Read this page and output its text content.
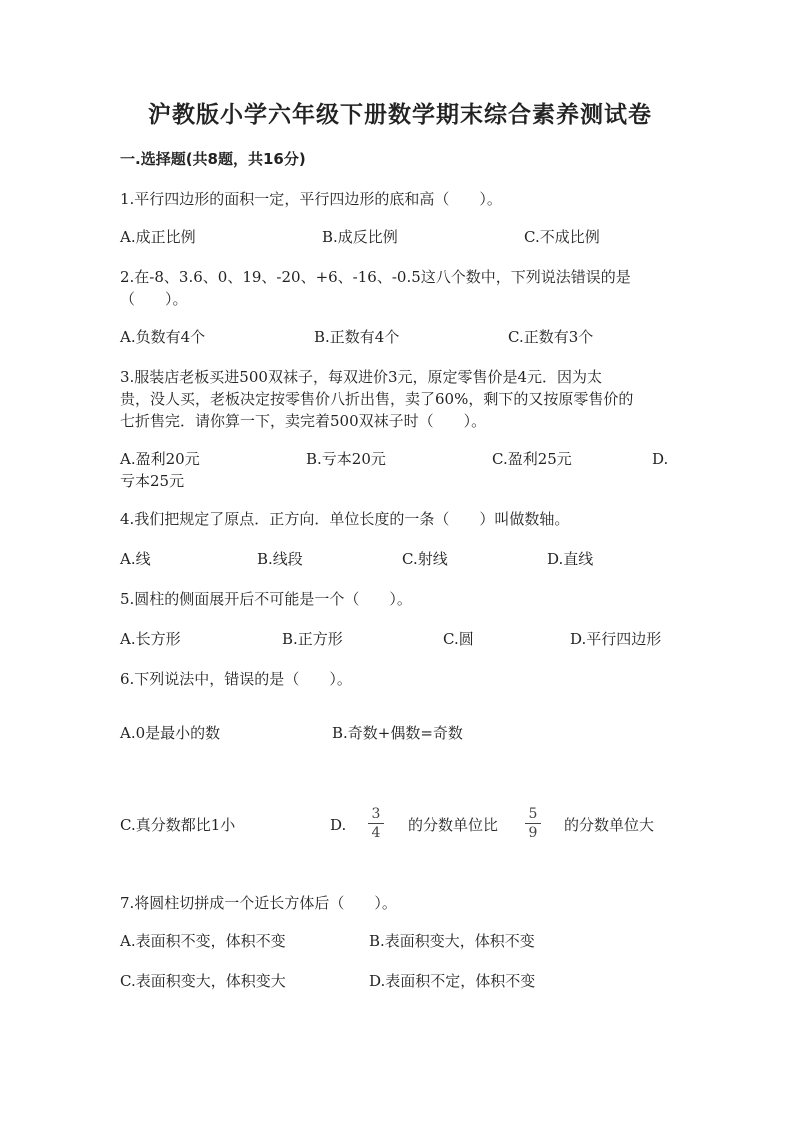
沪教版小学六年级下册数学期末综合素养测试卷
一.选择题(共8题，共16分)
1.平行四边形的面积一定，平行四边形的底和高（　　）。
A.成正比例	B.成反比例	C.不成比例
2.在-8、3.6、0、19、-20、+6、-16、-0.5这八个数中，下列说法错误的是
（　　）。
A.负数有4个	B.正数有4个	C.正数有3个
3.服装店老板买进500双袜子，每双进价3元，原定零售价是4元．因为太
贵，没人买，老板决定按零售价八折出售，卖了60%，剩下的又按原零售价的
七折售完．请你算一下，卖完着500双袜子时（　　）。
A.盈利20元	B.亏本20元	C.盈利25元	D.
亏本25元
4.我们把规定了原点．正方向．单位长度的一条（　　）叫做数轴。
A.线	B.线段	C.射线	D.直线
5.圆柱的侧面展开后不可能是一个（　　）。
A.长方形	B.正方形	C.圆	D.平行四边形
6.下列说法中，错误的是（　　）。
A.0是最小的数	B.奇数+偶数=奇数
C.真分数都比1小	D.
3
4 的分数单位比
5
9 的分数单位大
7.将圆柱切拼成一个近长方体后（　　）。
A.表面积不变，体积不变	B.表面积变大，体积不变
C.表面积变大，体积变大	D.表面积不定，体积不变
